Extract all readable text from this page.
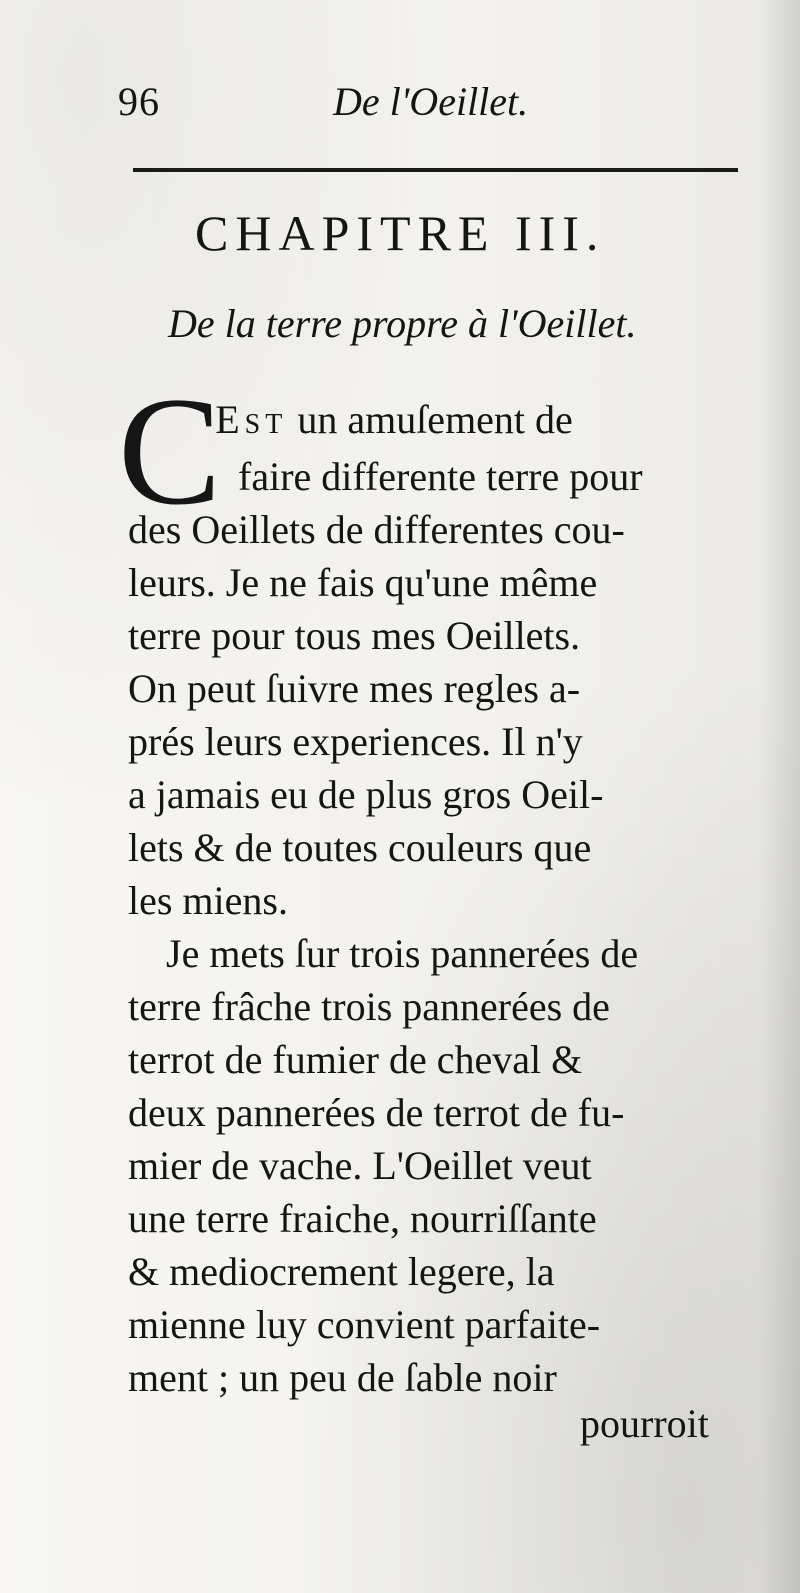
96	De l'Oeillet.
CHAPITRE III.
De la terre propre à l'Oeillet.
C
'Est un amuſement de
faire differente terre pour
des Oeillets de differentes cou-
leurs. Je ne fais qu'une même
terre pour tous mes Oeillets.
On peut ſuivre mes regles a-
prés leurs experiences. Il n'y
a jamais eu de plus gros Oeil-
lets & de toutes couleurs que
les miens.
Je mets ſur trois pannerées de
terre frâche trois pannerées de
terrot de fumier de cheval &
deux pannerées de terrot de fu-
mier de vache. L'Oeillet veut
une terre fraiche, nourriſſante
& mediocrement legere, la
mienne luy convient parfaite-
ment ; un peu de ſable noir
pourroit
